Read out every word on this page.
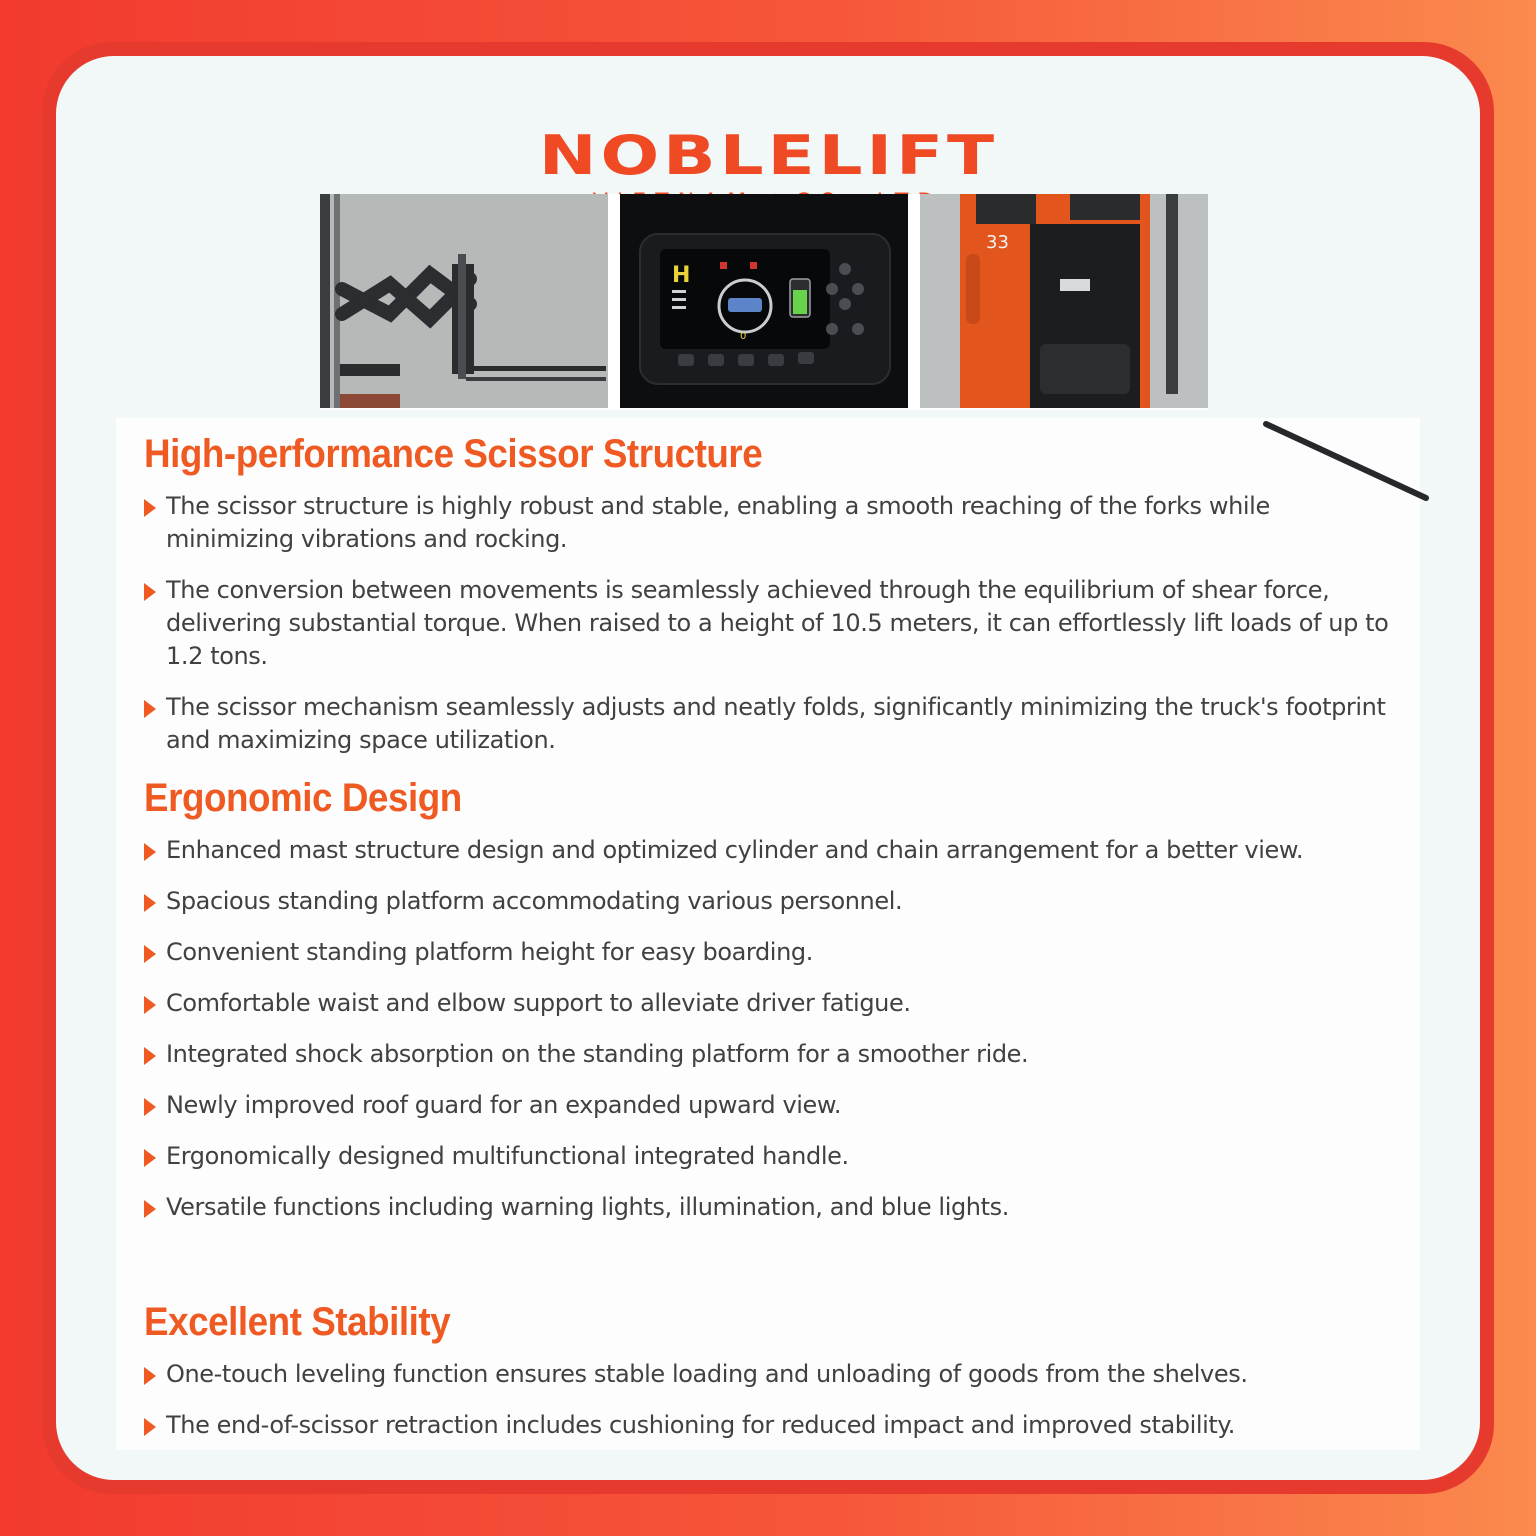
NOBLELIFT
H
0
33
High-performance Scissor Structure
The scissor structure is highly robust and stable, enabling a smooth reaching of the forks while minimizing vibrations and rocking.
The conversion between movements is seamlessly achieved through the equilibrium of shear force, delivering substantial torque. When raised to a height of 10.5 meters, it can effortlessly lift loads of up to 1.2 tons.
The scissor mechanism seamlessly adjusts and neatly folds, significantly minimizing the truck's footprint and maximizing space utilization.
Ergonomic Design
Enhanced mast structure design and optimized cylinder and chain arrangement for a better view.
Spacious standing platform accommodating various personnel.
Convenient standing platform height for easy boarding.
Comfortable waist and elbow support to alleviate driver fatigue.
Integrated shock absorption on the standing platform for a smoother ride.
Newly improved roof guard for an expanded upward view.
Ergonomically designed multifunctional integrated handle.
Versatile functions including warning lights, illumination, and blue lights.
Excellent Stability
One-touch leveling function ensures stable loading and unloading of goods from the shelves.
The end-of-scissor retraction includes cushioning for reduced impact and improved stability.
